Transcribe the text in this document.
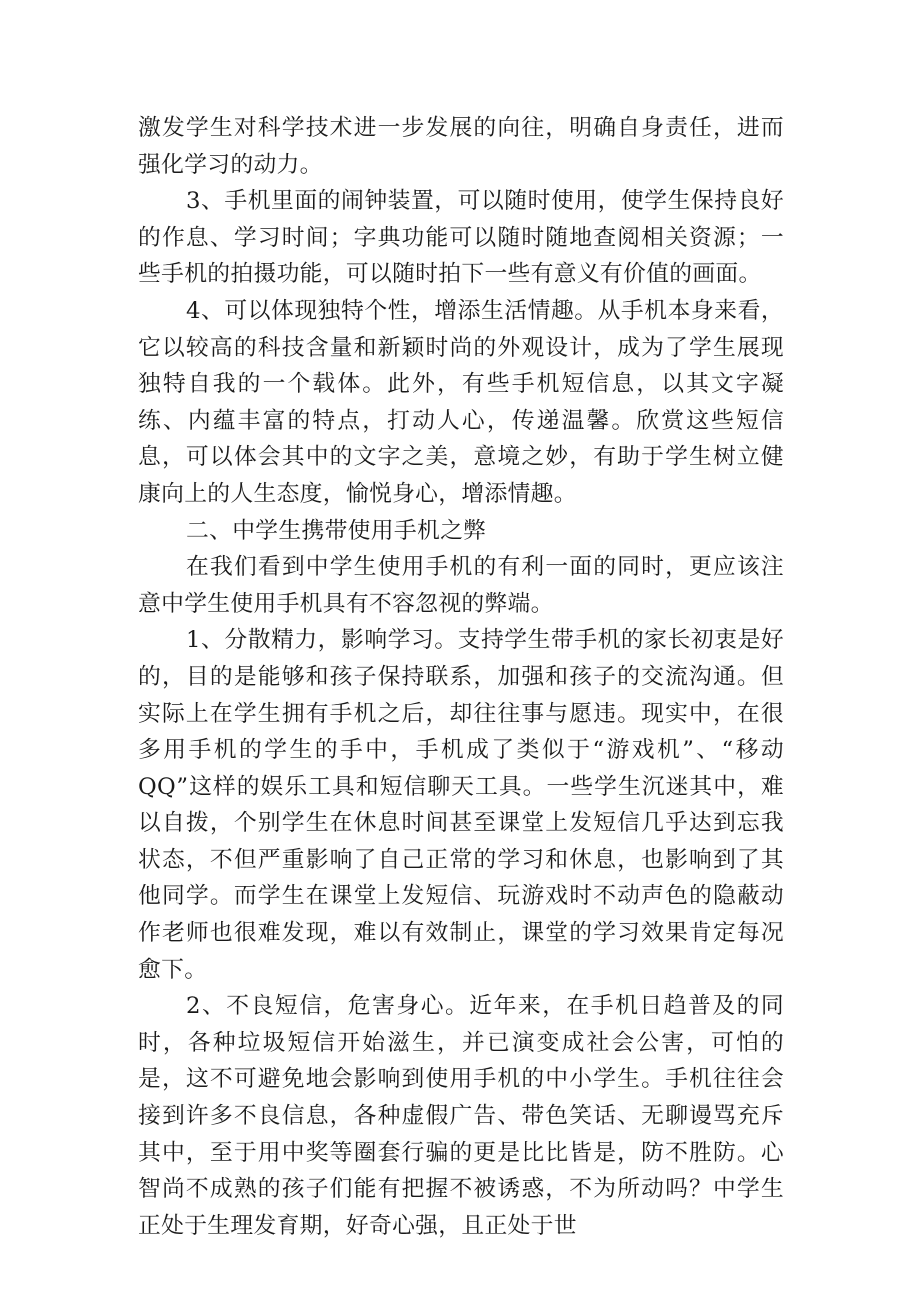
激发学生对科学技术进一步发展的向往，明确自身责任，进而强化学习的动力。

3、手机里面的闹钟装置，可以随时使用，使学生保持良好的作息、学习时间；字典功能可以随时随地查阅相关资源；一些手机的拍摄功能，可以随时拍下一些有意义有价值的画面。

4、可以体现独特个性，增添生活情趣。从手机本身来看，它以较高的科技含量和新颖时尚的外观设计，成为了学生展现独特自我的一个载体。此外，有些手机短信息，以其文字凝练、内蕴丰富的特点，打动人心，传递温馨。欣赏这些短信息，可以体会其中的文字之美，意境之妙，有助于学生树立健康向上的人生态度，愉悦身心，增添情趣。

二、中学生携带使用手机之弊

在我们看到中学生使用手机的有利一面的同时，更应该注意中学生使用手机具有不容忽视的弊端。

1、分散精力，影响学习。支持学生带手机的家长初衷是好的，目的是能够和孩子保持联系，加强和孩子的交流沟通。但实际上在学生拥有手机之后，却往往事与愿违。现实中，在很多用手机的学生的手中，手机成了类似于“游戏机”、“移动QQ”这样的娱乐工具和短信聊天工具。一些学生沉迷其中，难以自拨，个别学生在休息时间甚至课堂上发短信几乎达到忘我状态，不但严重影响了自己正常的学习和休息，也影响到了其他同学。而学生在课堂上发短信、玩游戏时不动声色的隐蔽动作老师也很难发现，难以有效制止，课堂的学习效果肯定每况愈下。

2、不良短信，危害身心。近年来，在手机日趋普及的同时，各种垃圾短信开始滋生，并已演变成社会公害，可怕的是，这不可避免地会影响到使用手机的中小学生。手机往往会接到许多不良信息，各种虚假广告、带色笑话、无聊谩骂充斥其中，至于用中奖等圈套行骗的更是比比皆是，防不胜防。心智尚不成熟的孩子们能有把握不被诱惑，不为所动吗？中学生正处于生理发育期，好奇心强，且正处于世
